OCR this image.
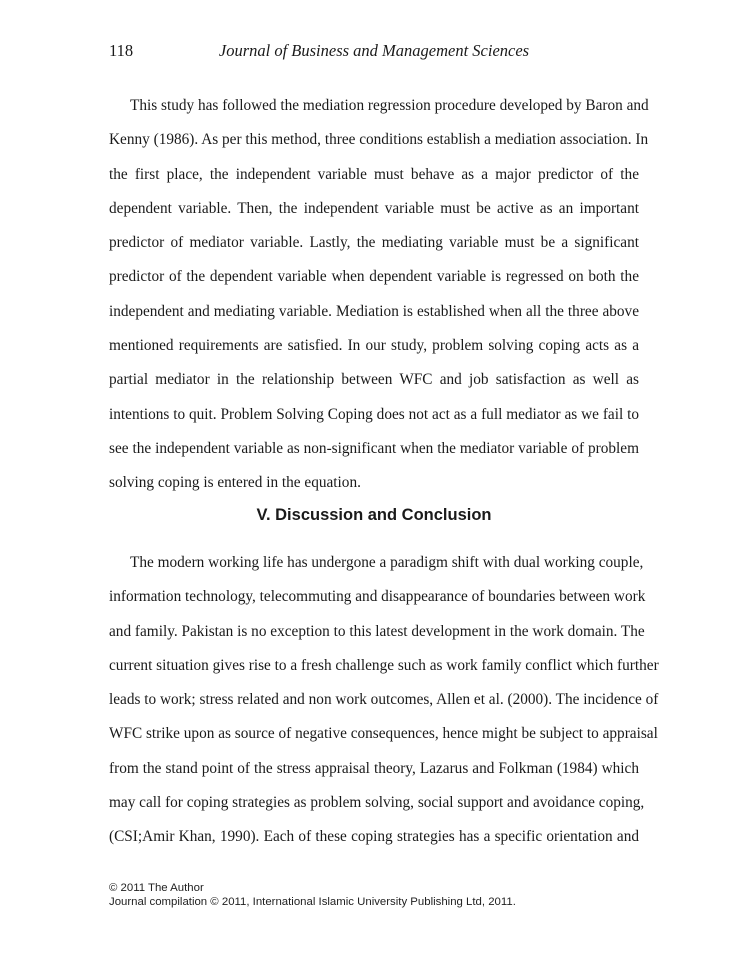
118	Journal of Business and Management Sciences

This study has followed the mediation regression procedure developed by Baron and
Kenny (1986). As per this method, three conditions establish a mediation association. In
the first place, the independent variable must behave as a major predictor of the
dependent variable. Then, the independent variable must be active as an important
predictor of mediator variable. Lastly, the mediating variable must be a significant
predictor of the dependent variable when dependent variable is regressed on both the
independent and mediating variable. Mediation is established when all the three above
mentioned requirements are satisfied. In our study, problem solving coping acts as a
partial mediator in the relationship between WFC and job satisfaction as well as
intentions to quit. Problem Solving Coping does not act as a full mediator as we fail to
see the independent variable as non-significant when the mediator variable of problem
solving coping is entered in the equation.

V. Discussion and Conclusion

The modern working life has undergone a paradigm shift with dual working couple,
information technology, telecommuting and disappearance of boundaries between work
and family. Pakistan is no exception to this latest development in the work domain. The
current situation gives rise to a fresh challenge such as work family conflict which further
leads to work; stress related and non work outcomes, Allen et al. (2000). The incidence of
WFC strike upon as source of negative consequences, hence might be subject to appraisal
from the stand point of the stress appraisal theory, Lazarus and Folkman (1984) which
may call for coping strategies as problem solving, social support and avoidance coping,
(CSI;Amir Khan, 1990). Each of these coping strategies has a specific orientation and

© 2011 The Author
Journal compilation © 2011, International Islamic University Publishing Ltd, 2011.
